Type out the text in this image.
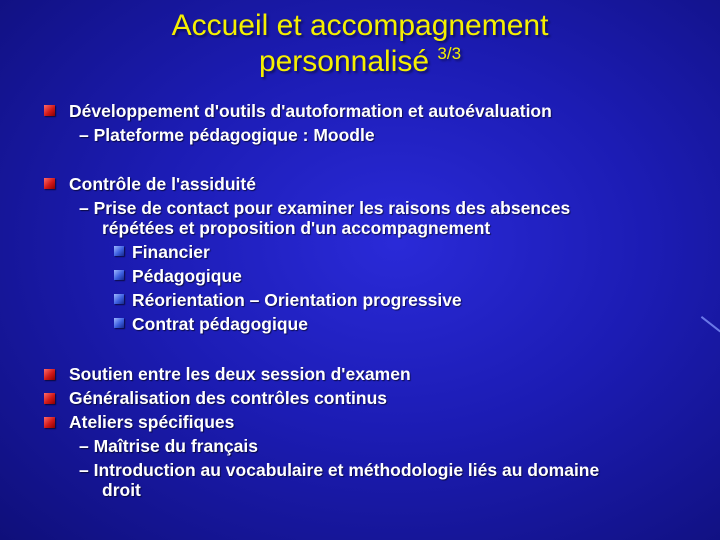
Accueil et accompagnement
personnalisé $^{3/3}$
Développement d'outils d'autoformation et autoévaluation
– Plateforme pédagogique : Moodle
Contrôle de l'assiduité
– Prise de contact pour examiner les raisons des absences
répétées et proposition d'un accompagnement
Financier
Pédagogique
Réorientation – Orientation progressive
Contrat pédagogique
Soutien entre les deux session d'examen
Généralisation des contrôles continus
Ateliers spécifiques
– Maîtrise du français
– Introduction au vocabulaire et méthodologie liés au domaine
droit
